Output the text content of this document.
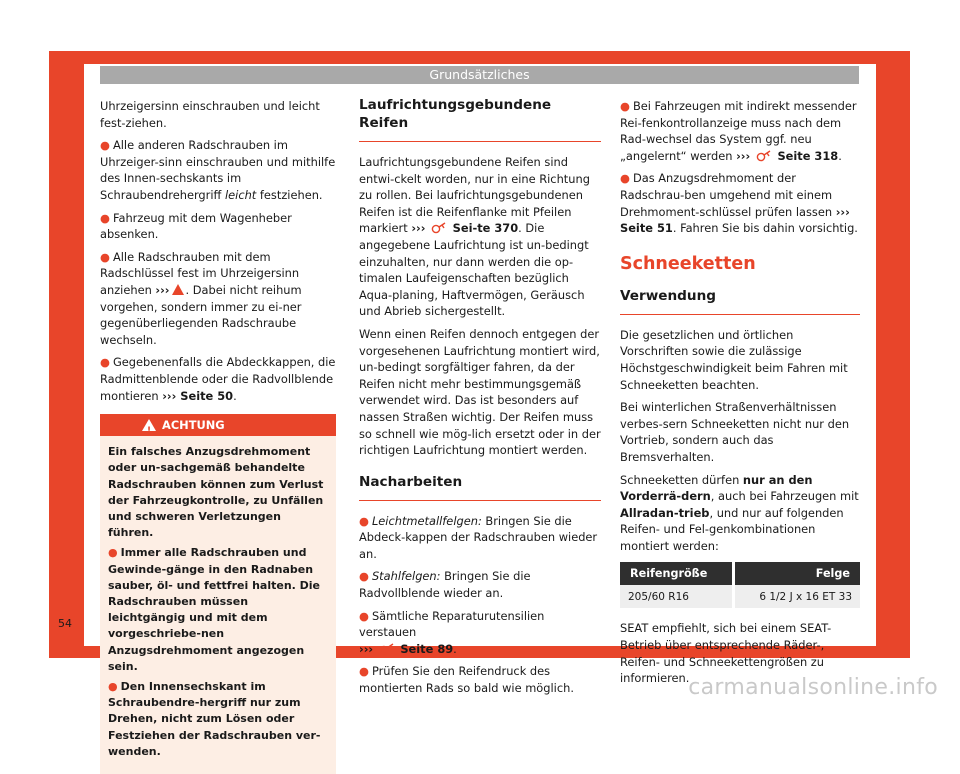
Grundsätzliches

Uhrzeigersinn einschrauben und leicht fest-ziehen.

● Alle anderen Radschrauben im Uhrzeiger-sinn einschrauben und mithilfe des Innen-sechskants im Schraubendrehergriff leicht festziehen.

● Fahrzeug mit dem Wagenheber absenken.

● Alle Radschrauben mit dem Radschlüssel fest im Uhrzeigersinn anziehen ››› . Dabei nicht reihum vorgehen, sondern immer zu ei-ner gegenüberliegenden Radschraube wechseln.

● Gegebenenfalls die Abdeckkappen, die Radmittenblende oder die Radvollblende montieren ››› Seite 50.

!
ACHTUNG

Ein falsches Anzugsdrehmoment oder un-sachgemäß behandelte Radschrauben können zum Verlust der Fahrzeugkontrolle, zu Unfällen und schweren Verletzungen führen.

● Immer alle Radschrauben und Gewinde-gänge in den Radnaben sauber, öl- und fettfrei halten. Die Radschrauben müssen leichtgängig und mit dem vorgeschriebe-nen Anzugsdrehmoment angezogen sein.

● Den Innensechskant im Schraubendre-hergriff nur zum Drehen, nicht zum Lösen oder Festziehen der Radschrauben ver-wenden.

54
Laufrichtungsgebundene Reifen

Laufrichtungsgebundene Reifen sind entwi-ckelt worden, nur in eine Richtung zu rollen. Bei laufrichtungsgebundenen Reifen ist die Reifenflanke mit Pfeilen markiert ››› Sei-te 370. Die angegebene Laufrichtung ist un-bedingt einzuhalten, nur dann werden die op-timalen Laufeigenschaften bezüglich Aqua-planing, Haftvermögen, Geräusch und Abrieb sichergestellt.

Wenn einen Reifen dennoch entgegen der vorgesehenen Laufrichtung montiert wird, un-bedingt sorgfältiger fahren, da der Reifen nicht mehr bestimmungsgemäß verwendet wird. Das ist besonders auf nassen Straßen wichtig. Der Reifen muss so schnell wie mög-lich ersetzt oder in der richtigen Laufrichtung montiert werden.

Nacharbeiten

● Leichtmetallfelgen: Bringen Sie die Abdeck-kappen der Radschrauben wieder an.

● Stahlfelgen: Bringen Sie die Radvollblende wieder an.

● Sämtliche Reparaturutensilien verstauen
››› Seite 89.

● Prüfen Sie den Reifendruck des montierten Rads so bald wie möglich.

● Bei Fahrzeugen mit indirekt messender Rei-fenkontrollanzeige muss nach dem Rad-wechsel das System ggf. neu „angelernt“ werden ››› Seite 318.

● Das Anzugsdrehmoment der Radschrau-ben umgehend mit einem Drehmoment-schlüssel prüfen lassen ››› Seite 51. Fahren Sie bis dahin vorsichtig.

Schneeketten
Verwendung

Die gesetzlichen und örtlichen Vorschriften sowie die zulässige Höchstgeschwindigkeit beim Fahren mit Schneeketten beachten.

Bei winterlichen Straßenverhältnissen verbes-sern Schneeketten nicht nur den Vortrieb, sondern auch das Bremsverhalten.

Schneeketten dürfen nur an den Vorderrä-dern, auch bei Fahrzeugen mit Allradan-trieb, und nur auf folgenden Reifen- und Fel-genkombinationen montiert werden:

Reifengröße	Felge
205/60 R16	6 1/2 J x 16 ET 33

SEAT empfiehlt, sich bei einem SEAT-Betrieb über entsprechende Räder-, Reifen- und Schneekettengrößen zu informieren.

carmanualsonline.info
